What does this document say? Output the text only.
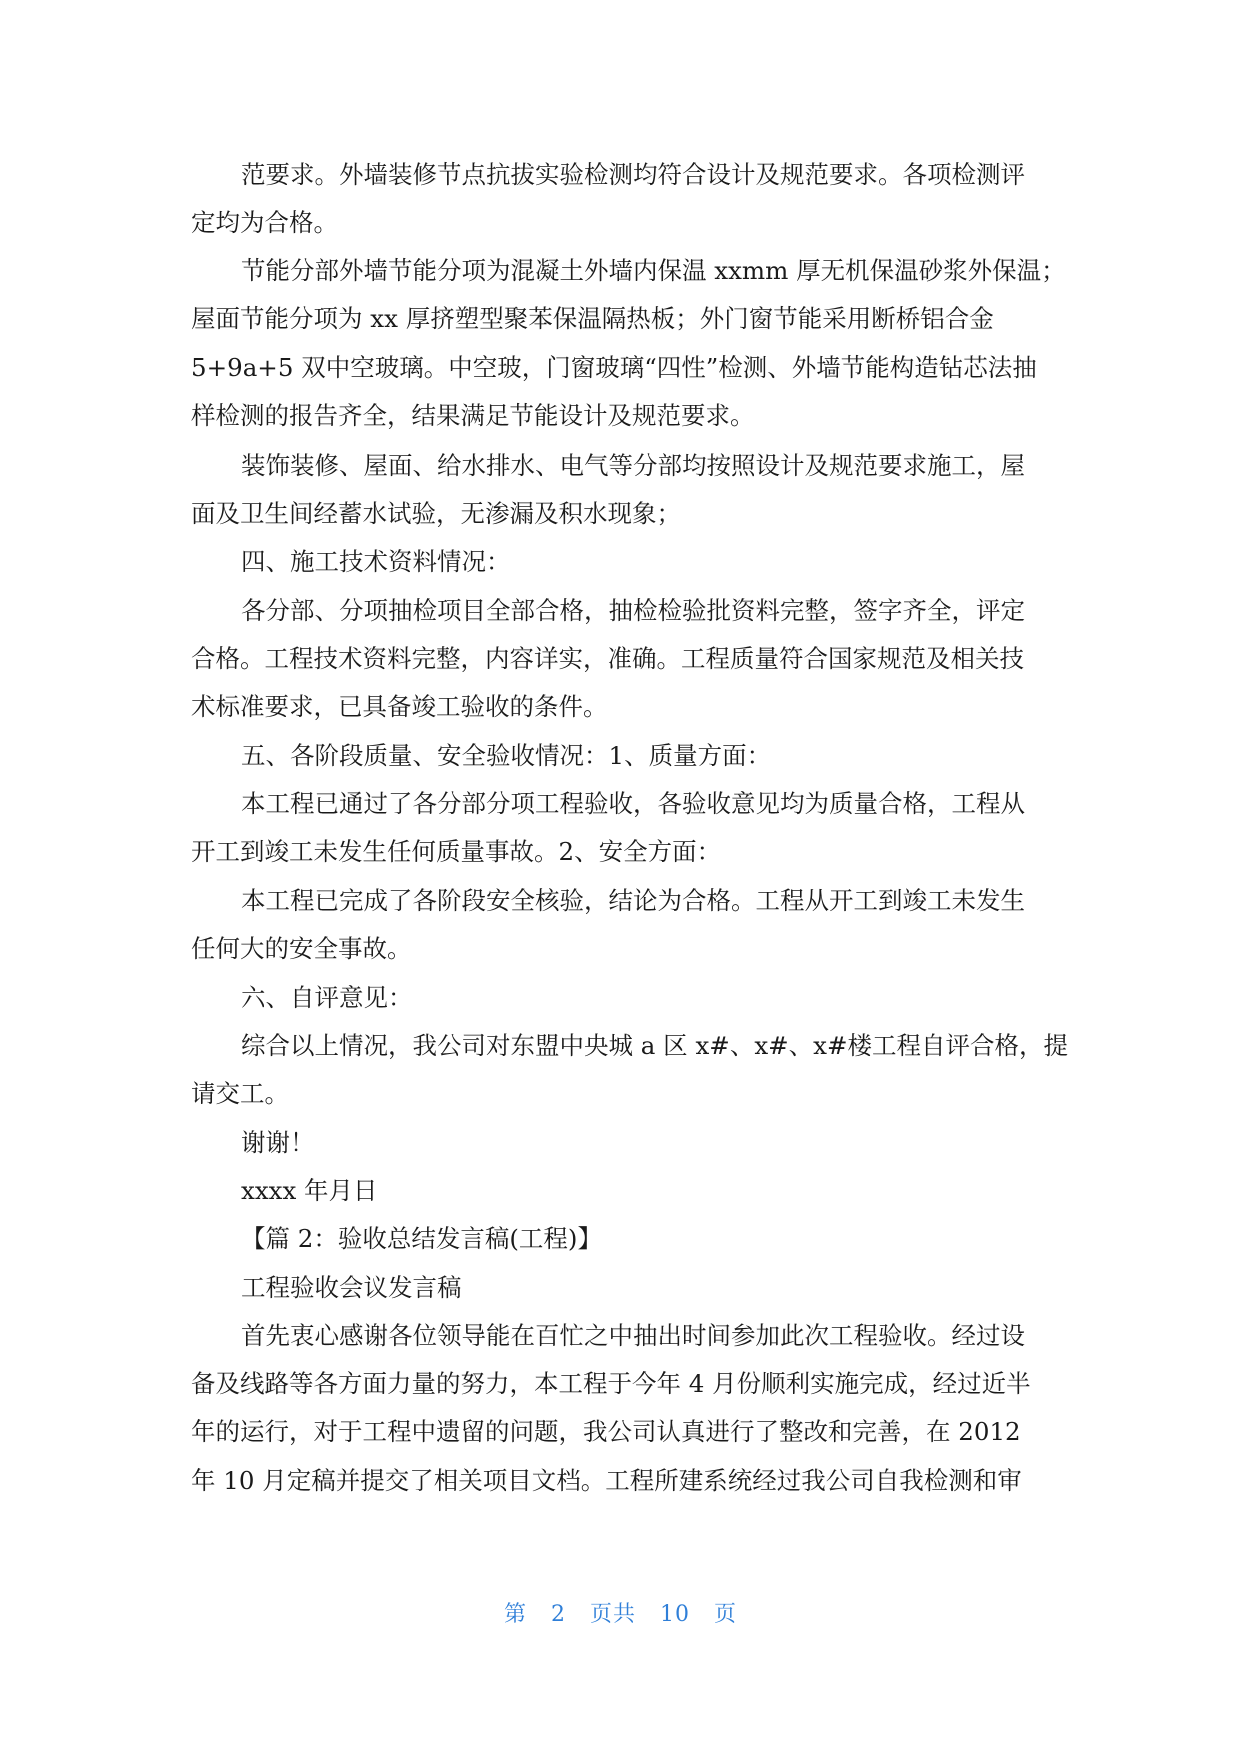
范要求。外墙装修节点抗拔实验检测均符合设计及规范要求。各项检测评
定均为合格。
节能分部外墙节能分项为混凝土外墙内保温 xxmm 厚无机保温砂浆外保温；
屋面节能分项为 xx 厚挤塑型聚苯保温隔热板；外门窗节能采用断桥铝合金
5+9a+5 双中空玻璃。中空玻，门窗玻璃“四性”检测、外墙节能构造钻芯法抽
样检测的报告齐全，结果满足节能设计及规范要求。
装饰装修、屋面、给水排水、电气等分部均按照设计及规范要求施工，屋
面及卫生间经蓄水试验，无渗漏及积水现象；
四、施工技术资料情况：
各分部、分项抽检项目全部合格，抽检检验批资料完整，签字齐全，评定
合格。工程技术资料完整，内容详实，准确。工程质量符合国家规范及相关技
术标准要求，已具备竣工验收的条件。
五、各阶段质量、安全验收情况：1、质量方面：
本工程已通过了各分部分项工程验收，各验收意见均为质量合格，工程从
开工到竣工未发生任何质量事故。2、安全方面：
本工程已完成了各阶段安全核验，结论为合格。工程从开工到竣工未发生
任何大的安全事故。
六、自评意见：
综合以上情况，我公司对东盟中央城 a 区 x#、x#、x#楼工程自评合格，提
请交工。
谢谢！
xxxx 年月日
【篇 2：验收总结发言稿(工程)】
工程验收会议发言稿
首先衷心感谢各位领导能在百忙之中抽出时间参加此次工程验收。经过设
备及线路等各方面力量的努力，本工程于今年 4 月份顺利实施完成，经过近半
年的运行，对于工程中遗留的问题，我公司认真进行了整改和完善，在 2012
年 10 月定稿并提交了相关项目文档。工程所建系统经过我公司自我检测和审
第 2 页共 10 页
